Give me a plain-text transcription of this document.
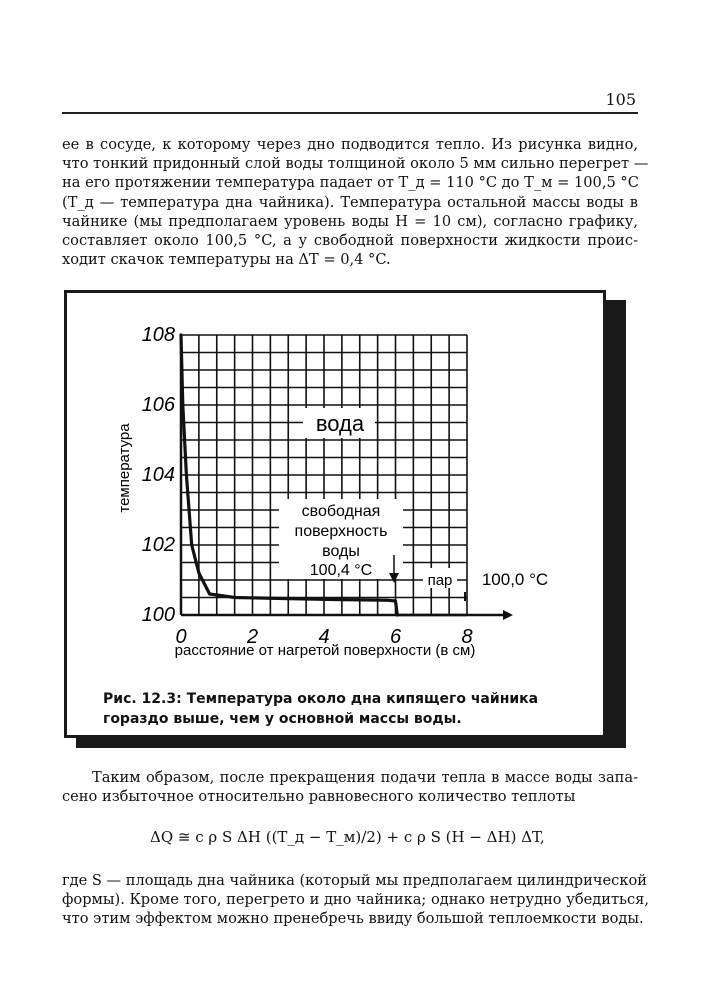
105
ее в сосуде, к которому через дно подводится тепло. Из рисунка видно,
что тонкий придонный слой воды толщиной около 5 мм сильно перегрет —
на его протяжении температура падает от T_д = 110 °C до T_м = 100,5 °C
(T_д — температура дна чайника). Температура остальной массы воды в
чайнике (мы предполагаем уровень воды H = 10 см), согласно графику,
составляет около 100,5 °C, а у свободной поверхности жидкости проис-
ходит скачок температуры на ΔT = 0,4 °C.
0	2	4	6	8
100
102
104
106
108
температура
расстояние от нагретой поверхности (в см)
вода
свободная
поверхность
воды
100,4 °C
пар 100,0 °C
Рис. 12.3: Температура около дна кипящего чайника
гораздо выше, чем у основной массы воды.
Таким образом, после прекращения подачи тепла в массе воды запа-
сено избыточное относительно равновесного количество теплоты
ΔQ ≅ c ρ S ΔH ((T_д − T_м)/2) + c ρ S (H − ΔH) ΔT,
где S — площадь дна чайника (который мы предполагаем цилиндрической
формы). Кроме того, перегрето и дно чайника; однако нетрудно убедиться,
что этим эффектом можно пренебречь ввиду большой теплоемкости воды.
